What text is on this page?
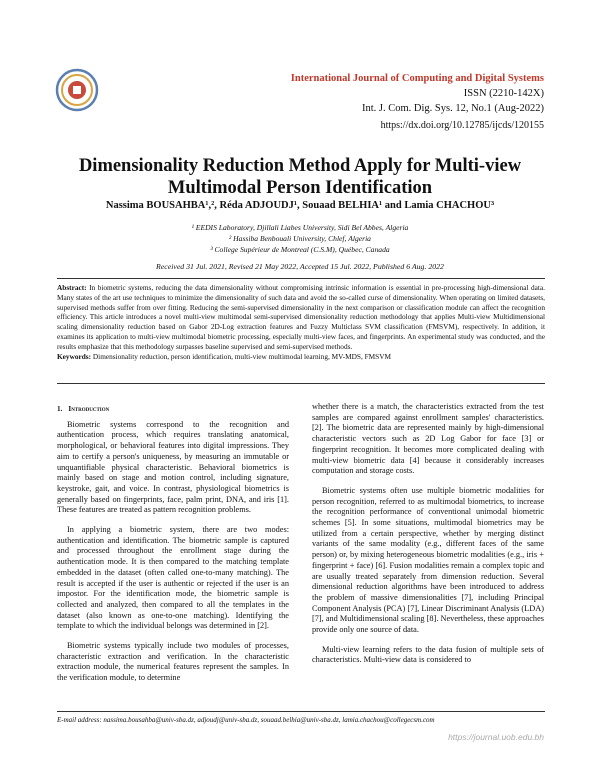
International Journal of Computing and Digital Systems
ISSN (2210-142X)
Int. J. Com. Dig. Sys. 12, No.1 (Aug-2022)
https://dx.doi.org/10.12785/ijcds/120155
Dimensionality Reduction Method Apply for Multi-view
Multimodal Person Identification
Nassima BOUSAHBA¹,², Réda ADJOUDJ¹, Souaad BELHIA¹ and Lamia CHACHOU³
¹ EEDIS Laboratory, Djillali Liabes University, Sidi Bel Abbes, Algeria
² Hassiba Benbouali University, Chlef, Algeria
³ College Supérieur de Montreal (C.S.M), Québec, Canada
Received 31 Jul. 2021, Revised 21 May 2022, Accepted 15 Jul. 2022, Published 6 Aug. 2022
Abstract: In biometric systems, reducing the data dimensionality without compromising intrinsic information is essential in pre-processing high-dimensional data. Many states of the art use techniques to minimize the dimensionality of such data and avoid the so-called curse of dimensionality. When operating on limited datasets, supervised methods suffer from over fitting. Reducing the semi-supervised dimensionality in the next comparison or classification module can affect the recognition efficiency. This article introduces a novel multi-view multimodal semi-supervised dimensionality reduction methodology that applies Multi-view Multidimensional scaling dimensionality reduction based on Gabor 2D-Log extraction features and Fuzzy Multiclass SVM classification (FMSVM), respectively. In addition, it examines its application to multi-view multimodal biometric processing, especially multi-view faces, and fingerprints. An experimental study was conducted, and the results emphasize that this methodology surpasses baseline supervised and semi-supervised methods.
Keywords: Dimensionality reduction, person identification, multi-view multimodal learning, MV-MDS, FMSVM

1. Introduction

Biometric systems correspond to the recognition and authentication process, which requires translating anatomical, morphological, or behavioral features into digital impressions. They aim to certify a person's uniqueness, by measuring an immutable or unquantifiable physical characteristic. Behavioral biometrics is mainly based on stage and motion control, including signature, keystroke, gait, and voice. In contrast, physiological biometrics is generally based on fingerprints, face, palm print, DNA, and iris [1]. These features are treated as pattern recognition problems.

In applying a biometric system, there are two modes: authentication and identification. The biometric sample is captured and processed throughout the enrollment stage during the authentication mode. It is then compared to the matching template embedded in the dataset (often called one-to-many matching). The result is accepted if the user is authentic or rejected if the user is an impostor. For the identification mode, the biometric sample is collected and analyzed, then compared to all the templates in the dataset (also known as one-to-one matching). Identifying the template to which the individual belongs was determined in [2].

Biometric systems typically include two modules of processes, characteristic extraction and verification. In the characteristic extraction module, the numerical features represent the samples. In the verification module, to determine

whether there is a match, the characteristics extracted from the test samples are compared against enrollment samples' characteristics. [2]. The biometric data are represented mainly by high-dimensional characteristic vectors such as 2D Log Gabor for face [3] or fingerprint recognition. It becomes more complicated dealing with multi-view biometric data [4] because it considerably increases computation and storage costs.

Biometric systems often use multiple biometric modalities for person recognition, referred to as multimodal biometrics, to increase the recognition performance of conventional unimodal biometric schemes [5]. In some situations, multimodal biometrics may be utilized from a certain perspective, whether by merging distinct variants of the same modality (e.g., different faces of the same person) or, by mixing heterogeneous biometric modalities (e.g., iris + fingerprint + face) [6]. Fusion modalities remain a complex topic and are usually treated separately from dimension reduction. Several dimensional reduction algorithms have been introduced to address the problem of massive dimensionalities [7], including Principal Component Analysis (PCA) [7], Linear Discriminant Analysis (LDA) [7], and Multidimensional scaling [8]. Nevertheless, these approaches provide only one source of data.

Multi-view learning refers to the data fusion of multiple sets of characteristics. Multi-view data is considered to

E-mail address: nassima.bousahba@univ-sba.dz, adjoudj@univ-sba.dz, souaad.belhia@univ-sba.dz, lamia.chachou@collegecsm.com
https://journal.uob.edu.bh
